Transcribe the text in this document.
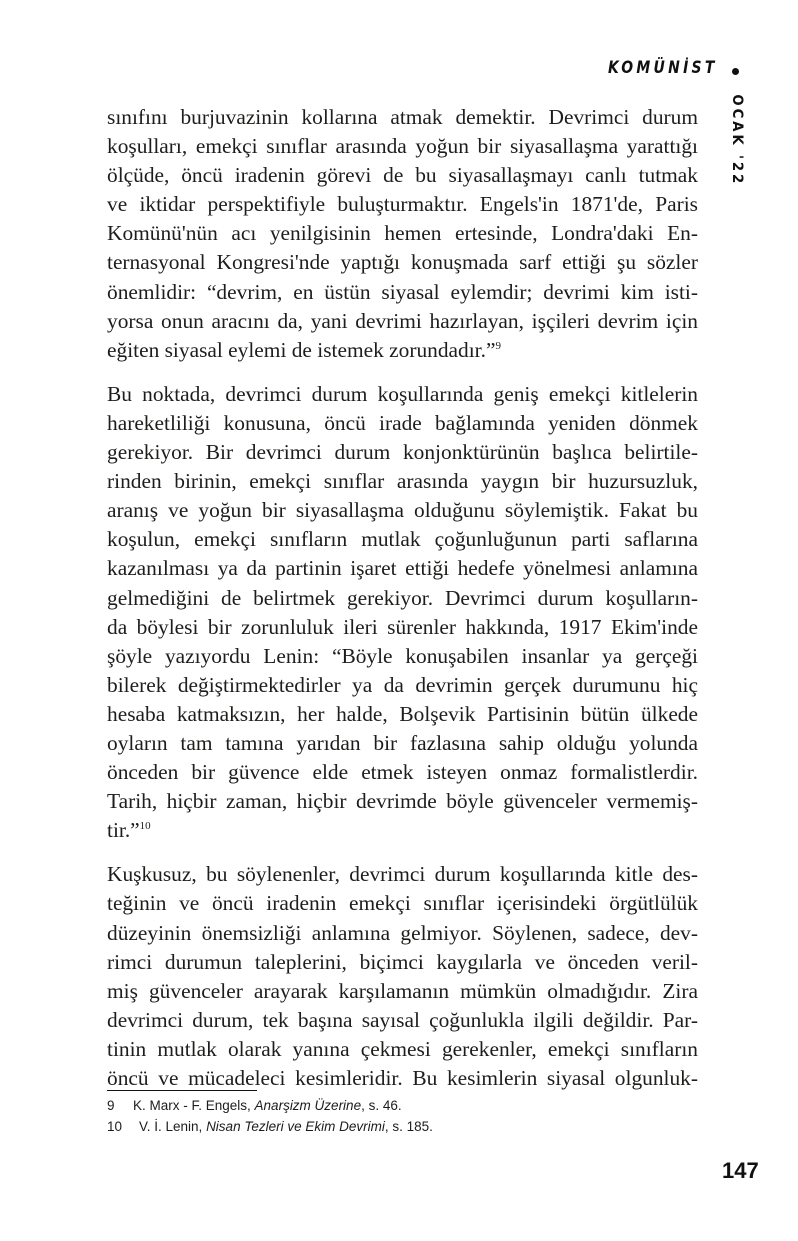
KOMÜNİST
OCAK '22

sınıfını burjuvazinin kollarına atmak demektir. Devrimci durum
koşulları, emekçi sınıflar arasında yoğun bir siyasallaşma yarattığı
ölçüde, öncü iradenin görevi de bu siyasallaşmayı canlı tutmak
ve iktidar perspektifiyle buluşturmaktır. Engels'in 1871'de, Paris
Komünü'nün acı yenilgisinin hemen ertesinde, Londra'daki En-
ternasyonal Kongresi'nde yaptığı konuşmada sarf ettiği şu sözler
önemlidir: “devrim, en üstün siyasal eylemdir; devrimi kim isti-
yorsa onun aracını da, yani devrimi hazırlayan, işçileri devrim için
eğiten siyasal eylemi de istemek zorundadır.”$^9$

Bu noktada, devrimci durum koşullarında geniş emekçi kitlelerin
hareketliliği konusuna, öncü irade bağlamında yeniden dönmek
gerekiyor. Bir devrimci durum konjonktürünün başlıca belirtile-
rinden birinin, emekçi sınıflar arasında yaygın bir huzursuzluk,
aranış ve yoğun bir siyasallaşma olduğunu söylemiştik. Fakat bu
koşulun, emekçi sınıfların mutlak çoğunluğunun parti saflarına
kazanılması ya da partinin işaret ettiği hedefe yönelmesi anlamına
gelmediğini de belirtmek gerekiyor. Devrimci durum koşulların-
da böylesi bir zorunluluk ileri sürenler hakkında, 1917 Ekim'inde
şöyle yazıyordu Lenin: “Böyle konuşabilen insanlar ya gerçeği
bilerek değiştirmektedirler ya da devrimin gerçek durumunu hiç
hesaba katmaksızın, her halde, Bolşevik Partisinin bütün ülkede
oyların tam tamına yarıdan bir fazlasına sahip olduğu yolunda
önceden bir güvence elde etmek isteyen onmaz formalistlerdir.
Tarih, hiçbir zaman, hiçbir devrimde böyle güvenceler vermemiş-
tir.”$^{10}$

Kuşkusuz, bu söylenenler, devrimci durum koşullarında kitle des-
teğinin ve öncü iradenin emekçi sınıflar içerisindeki örgütlülük
düzeyinin önemsizliği anlamına gelmiyor. Söylenen, sadece, dev-
rimci durumun taleplerini, biçimci kaygılarla ve önceden veril-
miş güvenceler arayarak karşılamanın mümkün olmadığıdır. Zira
devrimci durum, tek başına sayısal çoğunlukla ilgili değildir. Par-
tinin mutlak olarak yanına çekmesi gerekenler, emekçi sınıfların
öncü ve mücadeleci kesimleridir. Bu kesimlerin siyasal olgunluk-

9 K. Marx - F. Engels, Anarşizm Üzerine, s. 46.
10 V. İ. Lenin, Nisan Tezleri ve Ekim Devrimi, s. 185.
147
